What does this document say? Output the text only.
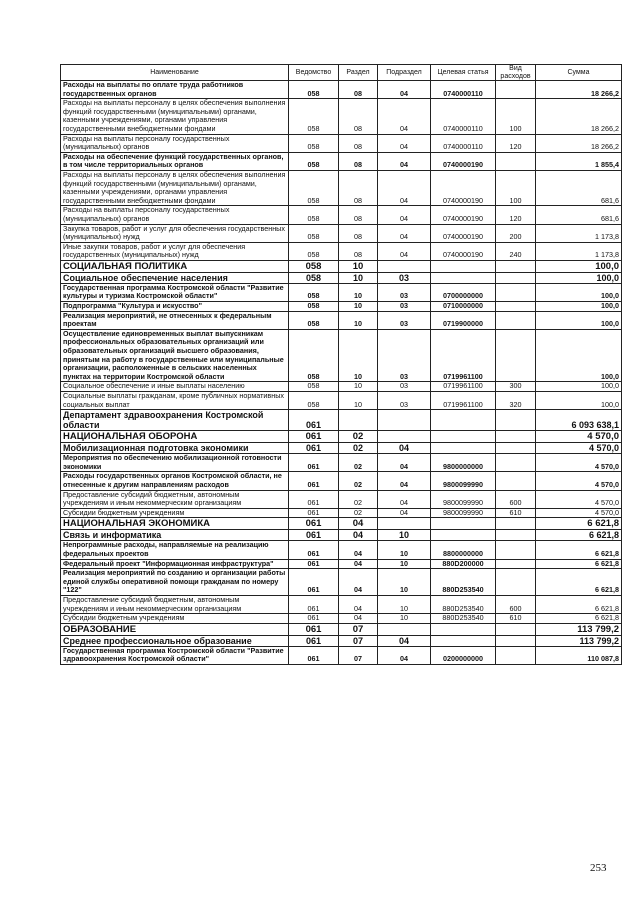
Наименование	Ведомство	Раздел	Подраздел	Целевая статья	Вид расходов	Сумма
Расходы на выплаты по оплате труда работников государственных органов	058	08	04	0740000110		18 266,2
Расходы на выплаты персоналу в целях обеспечения выполнения функций государственными (муниципальными) органами, казенными учреждениями, органами управления государственными внебюджетными фондами	058	08	04	0740000110	100	18 266,2
Расходы на выплаты персоналу государственных (муниципальных) органов	058	08	04	0740000110	120	18 266,2
Расходы на обеспечение функций государственных органов, в том числе территориальных органов	058	08	04	0740000190		1 855,4
Расходы на выплаты персоналу в целях обеспечения выполнения функций государственными (муниципальными) органами, казенными учреждениями, органами управления государственными внебюджетными фондами	058	08	04	0740000190	100	681,6
Расходы на выплаты персоналу государственных (муниципальных) органов	058	08	04	0740000190	120	681,6
Закупка товаров, работ и услуг для обеспечения государственных (муниципальных) нужд	058	08	04	0740000190	200	1 173,8
Иные закупки товаров, работ и услуг для обеспечения государственных (муниципальных) нужд	058	08	04	0740000190	240	1 173,8
СОЦИАЛЬНАЯ ПОЛИТИКА	058	10				100,0
Социальное обеспечение населения	058	10	03			100,0
Государственная программа Костромской области "Развитие культуры и туризма Костромской области"	058	10	03	0700000000		100,0
Подпрограмма "Культура и искусство"	058	10	03	0710000000		100,0
Реализация мероприятий, не отнесенных к федеральным проектам	058	10	03	0719900000		100,0
Осуществление единовременных выплат выпускникам профессиональных образовательных организаций или образовательных организаций высшего образования, принятым на работу в государственные или муниципальные организации, расположенные в сельских населенных пунктах на территории Костромской области	058	10	03	0719961100		100,0
Социальное обеспечение и иные выплаты населению	058	10	03	0719961100	300	100,0
Социальные выплаты гражданам, кроме публичных нормативных социальных выплат	058	10	03	0719961100	320	100,0
Департамент здравоохранения Костромской области	061					6 093 638,1
НАЦИОНАЛЬНАЯ ОБОРОНА	061	02				4 570,0
Мобилизационная подготовка экономики	061	02	04			4 570,0
Мероприятия по обеспечению мобилизационной готовности экономики	061	02	04	9800000000		4 570,0
Расходы государственных органов Костромской области, не отнесенные к другим направлениям расходов	061	02	04	9800099990		4 570,0
Предоставление субсидий бюджетным, автономным учреждениям и иным некоммерческим организациям	061	02	04	9800099990	600	4 570,0
Субсидии бюджетным учреждениям	061	02	04	9800099990	610	4 570,0
НАЦИОНАЛЬНАЯ ЭКОНОМИКА	061	04				6 621,8
Связь и информатика	061	04	10			6 621,8
Непрограммные расходы, направляемые на реализацию федеральных проектов	061	04	10	8800000000		6 621,8
Федеральный проект "Информационная инфраструктура"	061	04	10	880D200000		6 621,8
Реализация мероприятий по созданию и организации работы единой службы оперативной помощи гражданам по номеру "122"	061	04	10	880D253540		6 621,8
Предоставление субсидий бюджетным, автономным учреждениям и иным некоммерческим организациям	061	04	10	880D253540	600	6 621,8
Субсидии бюджетным учреждениям	061	04	10	880D253540	610	6 621,8
ОБРАЗОВАНИЕ	061	07				113 799,2
Среднее профессиональное образование	061	07	04			113 799,2
Государственная программа Костромской области "Развитие здравоохранения Костромской области"	061	07	04	0200000000		110 087,8
253
